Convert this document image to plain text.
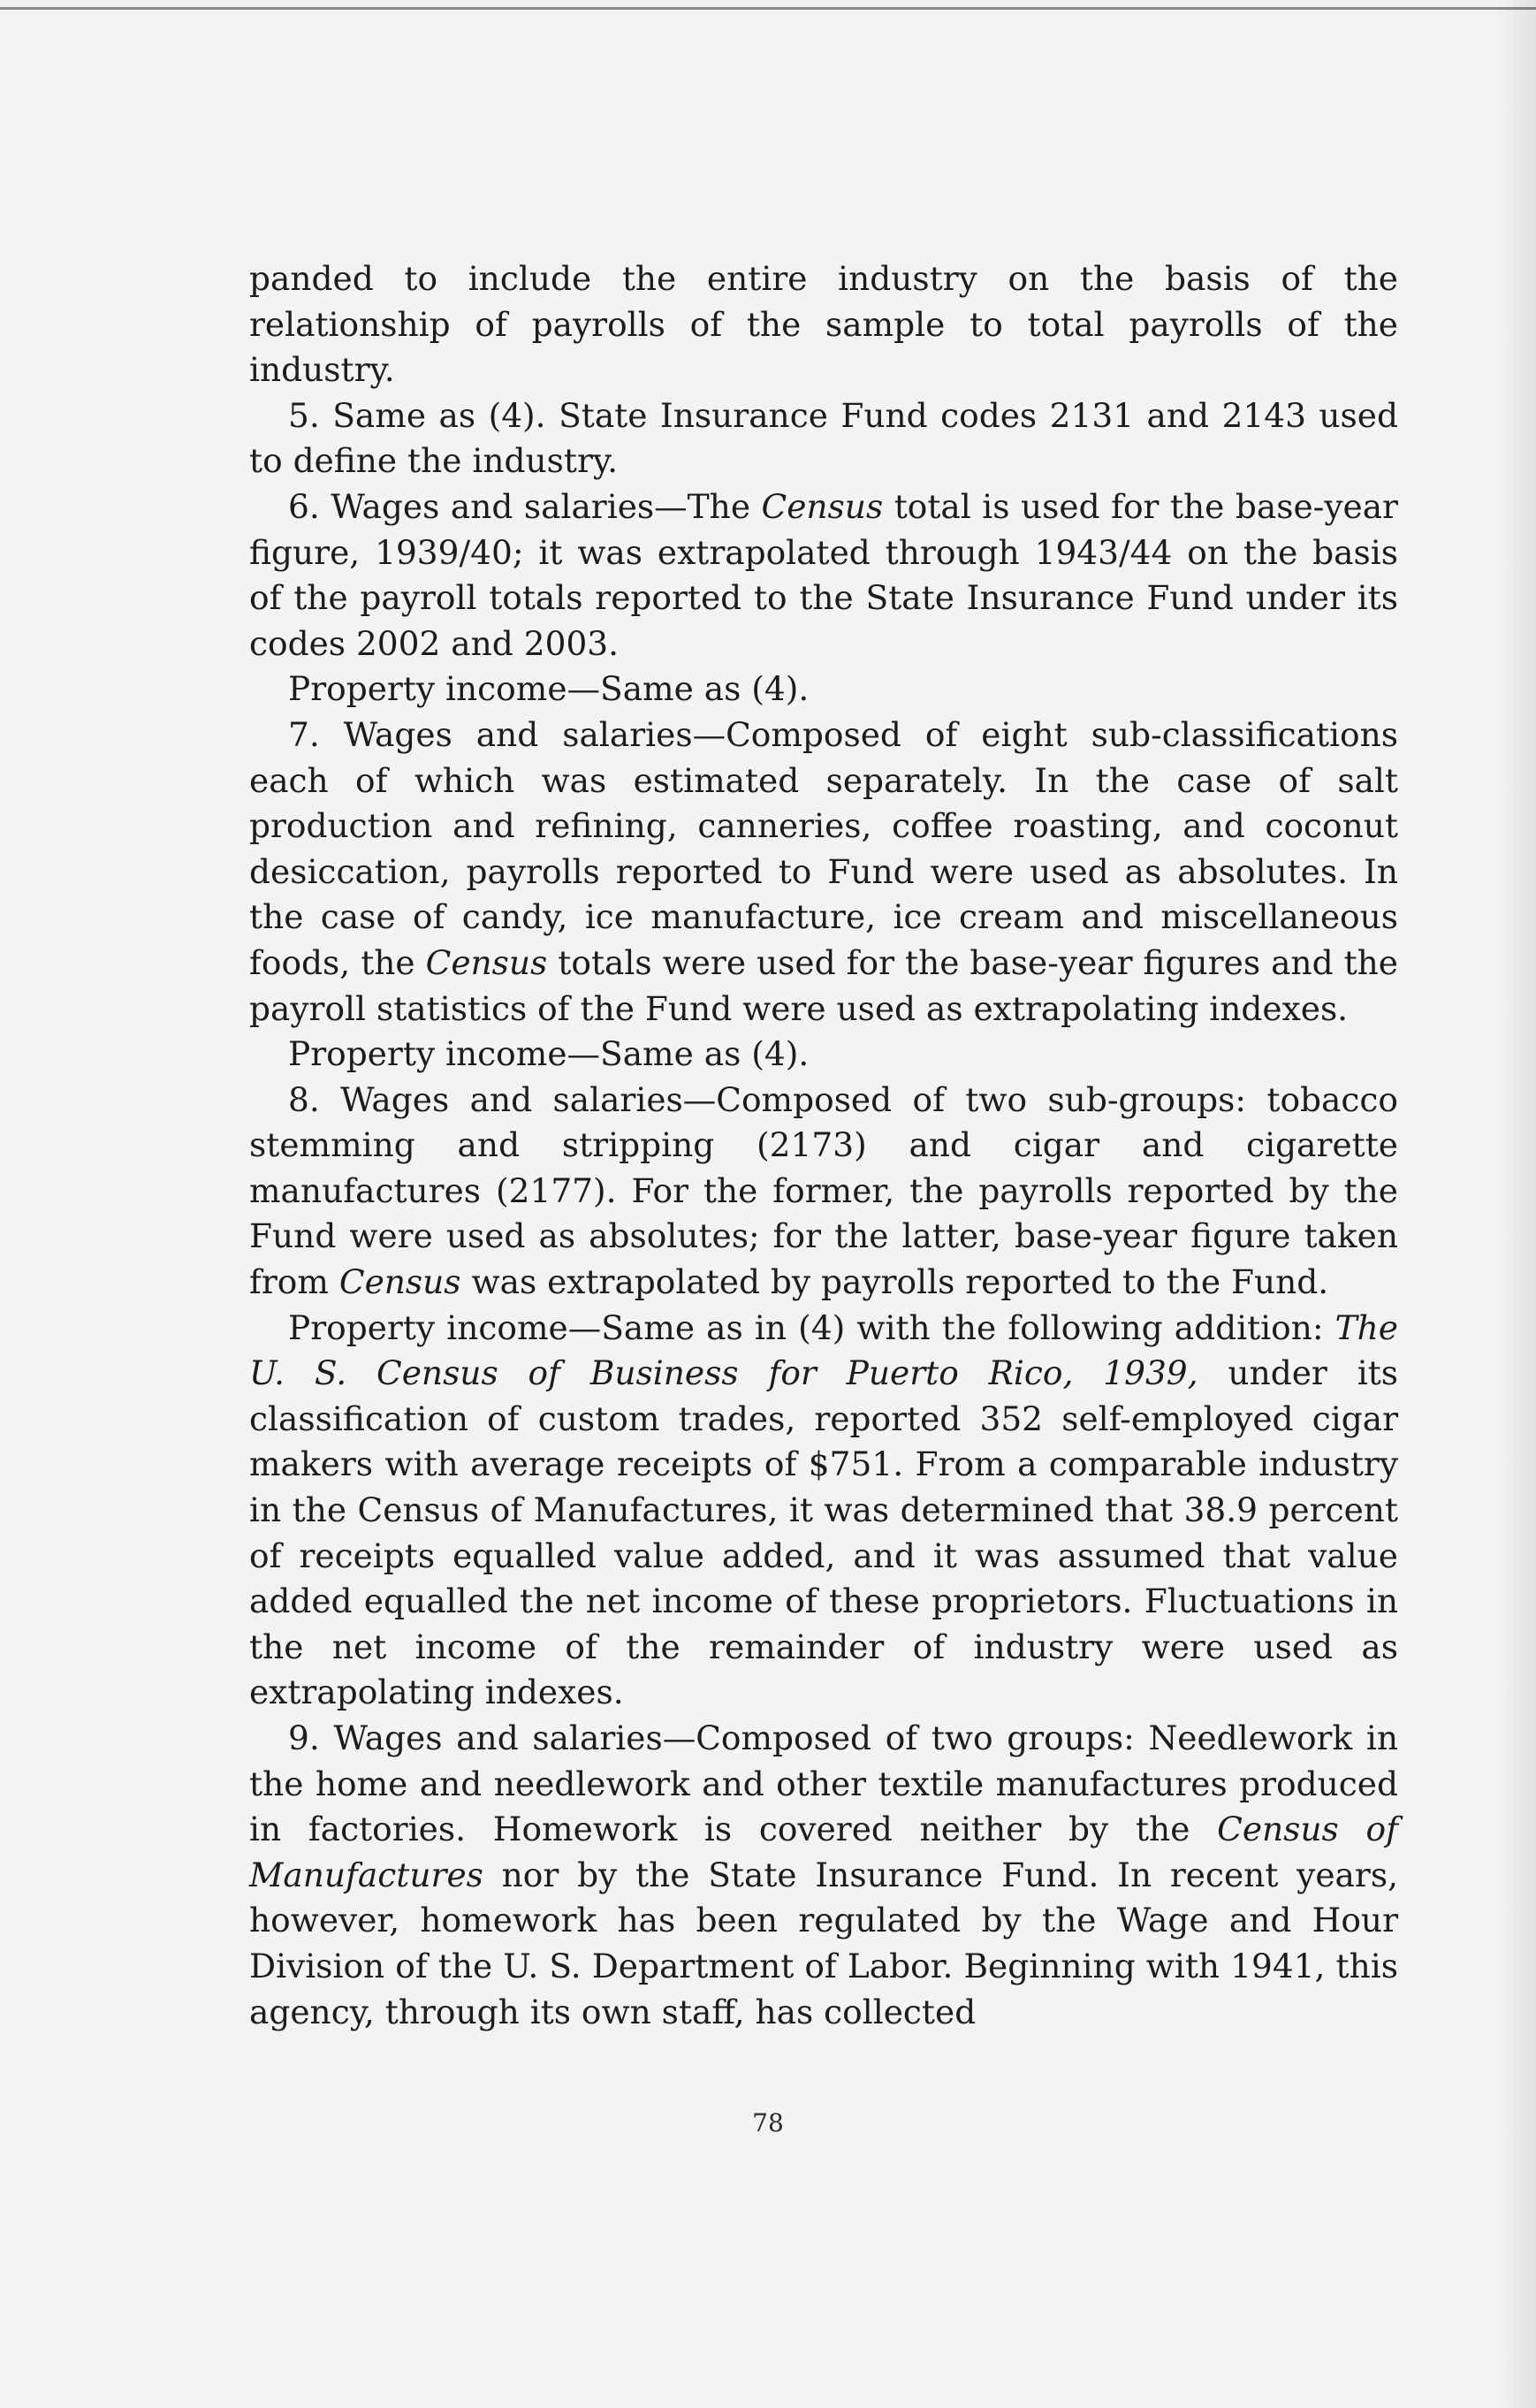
panded to include the entire industry on the basis of the relationship of payrolls of the sample to total payrolls of the industry.

5. Same as (4). State Insurance Fund codes 2131 and 2143 used to define the industry.

6. Wages and salaries—The Census total is used for the base-year figure, 1939/40; it was extrapolated through 1943/44 on the basis of the payroll totals reported to the State Insurance Fund under its codes 2002 and 2003.

Property income—Same as (4).

7. Wages and salaries—Composed of eight sub-classifications each of which was estimated separately. In the case of salt production and refining, canneries, coffee roasting, and coconut desiccation, payrolls reported to Fund were used as absolutes. In the case of candy, ice manufacture, ice cream and miscellaneous foods, the Census totals were used for the base-year figures and the payroll statistics of the Fund were used as extrapolating indexes.

Property income—Same as (4).

8. Wages and salaries—Composed of two sub-groups: tobacco stemming and stripping (2173) and cigar and cigarette manufactures (2177). For the former, the payrolls reported by the Fund were used as absolutes; for the latter, base-year figure taken from Census was extrapolated by payrolls reported to the Fund.

Property income—Same as in (4) with the following addition: The U. S. Census of Business for Puerto Rico, 1939, under its classification of custom trades, reported 352 self-employed cigar makers with average receipts of $751. From a comparable industry in the Census of Manufactures, it was determined that 38.9 percent of receipts equalled value added, and it was assumed that value added equalled the net income of these proprietors. Fluctuations in the net income of the remainder of industry were used as extrapolating indexes.

9. Wages and salaries—Composed of two groups: Needlework in the home and needlework and other textile manufactures produced in factories. Homework is covered neither by the Census of Manufactures nor by the State Insurance Fund. In recent years, however, homework has been regulated by the Wage and Hour Division of the U. S. Department of Labor. Beginning with 1941, this agency, through its own staff, has collected

78
